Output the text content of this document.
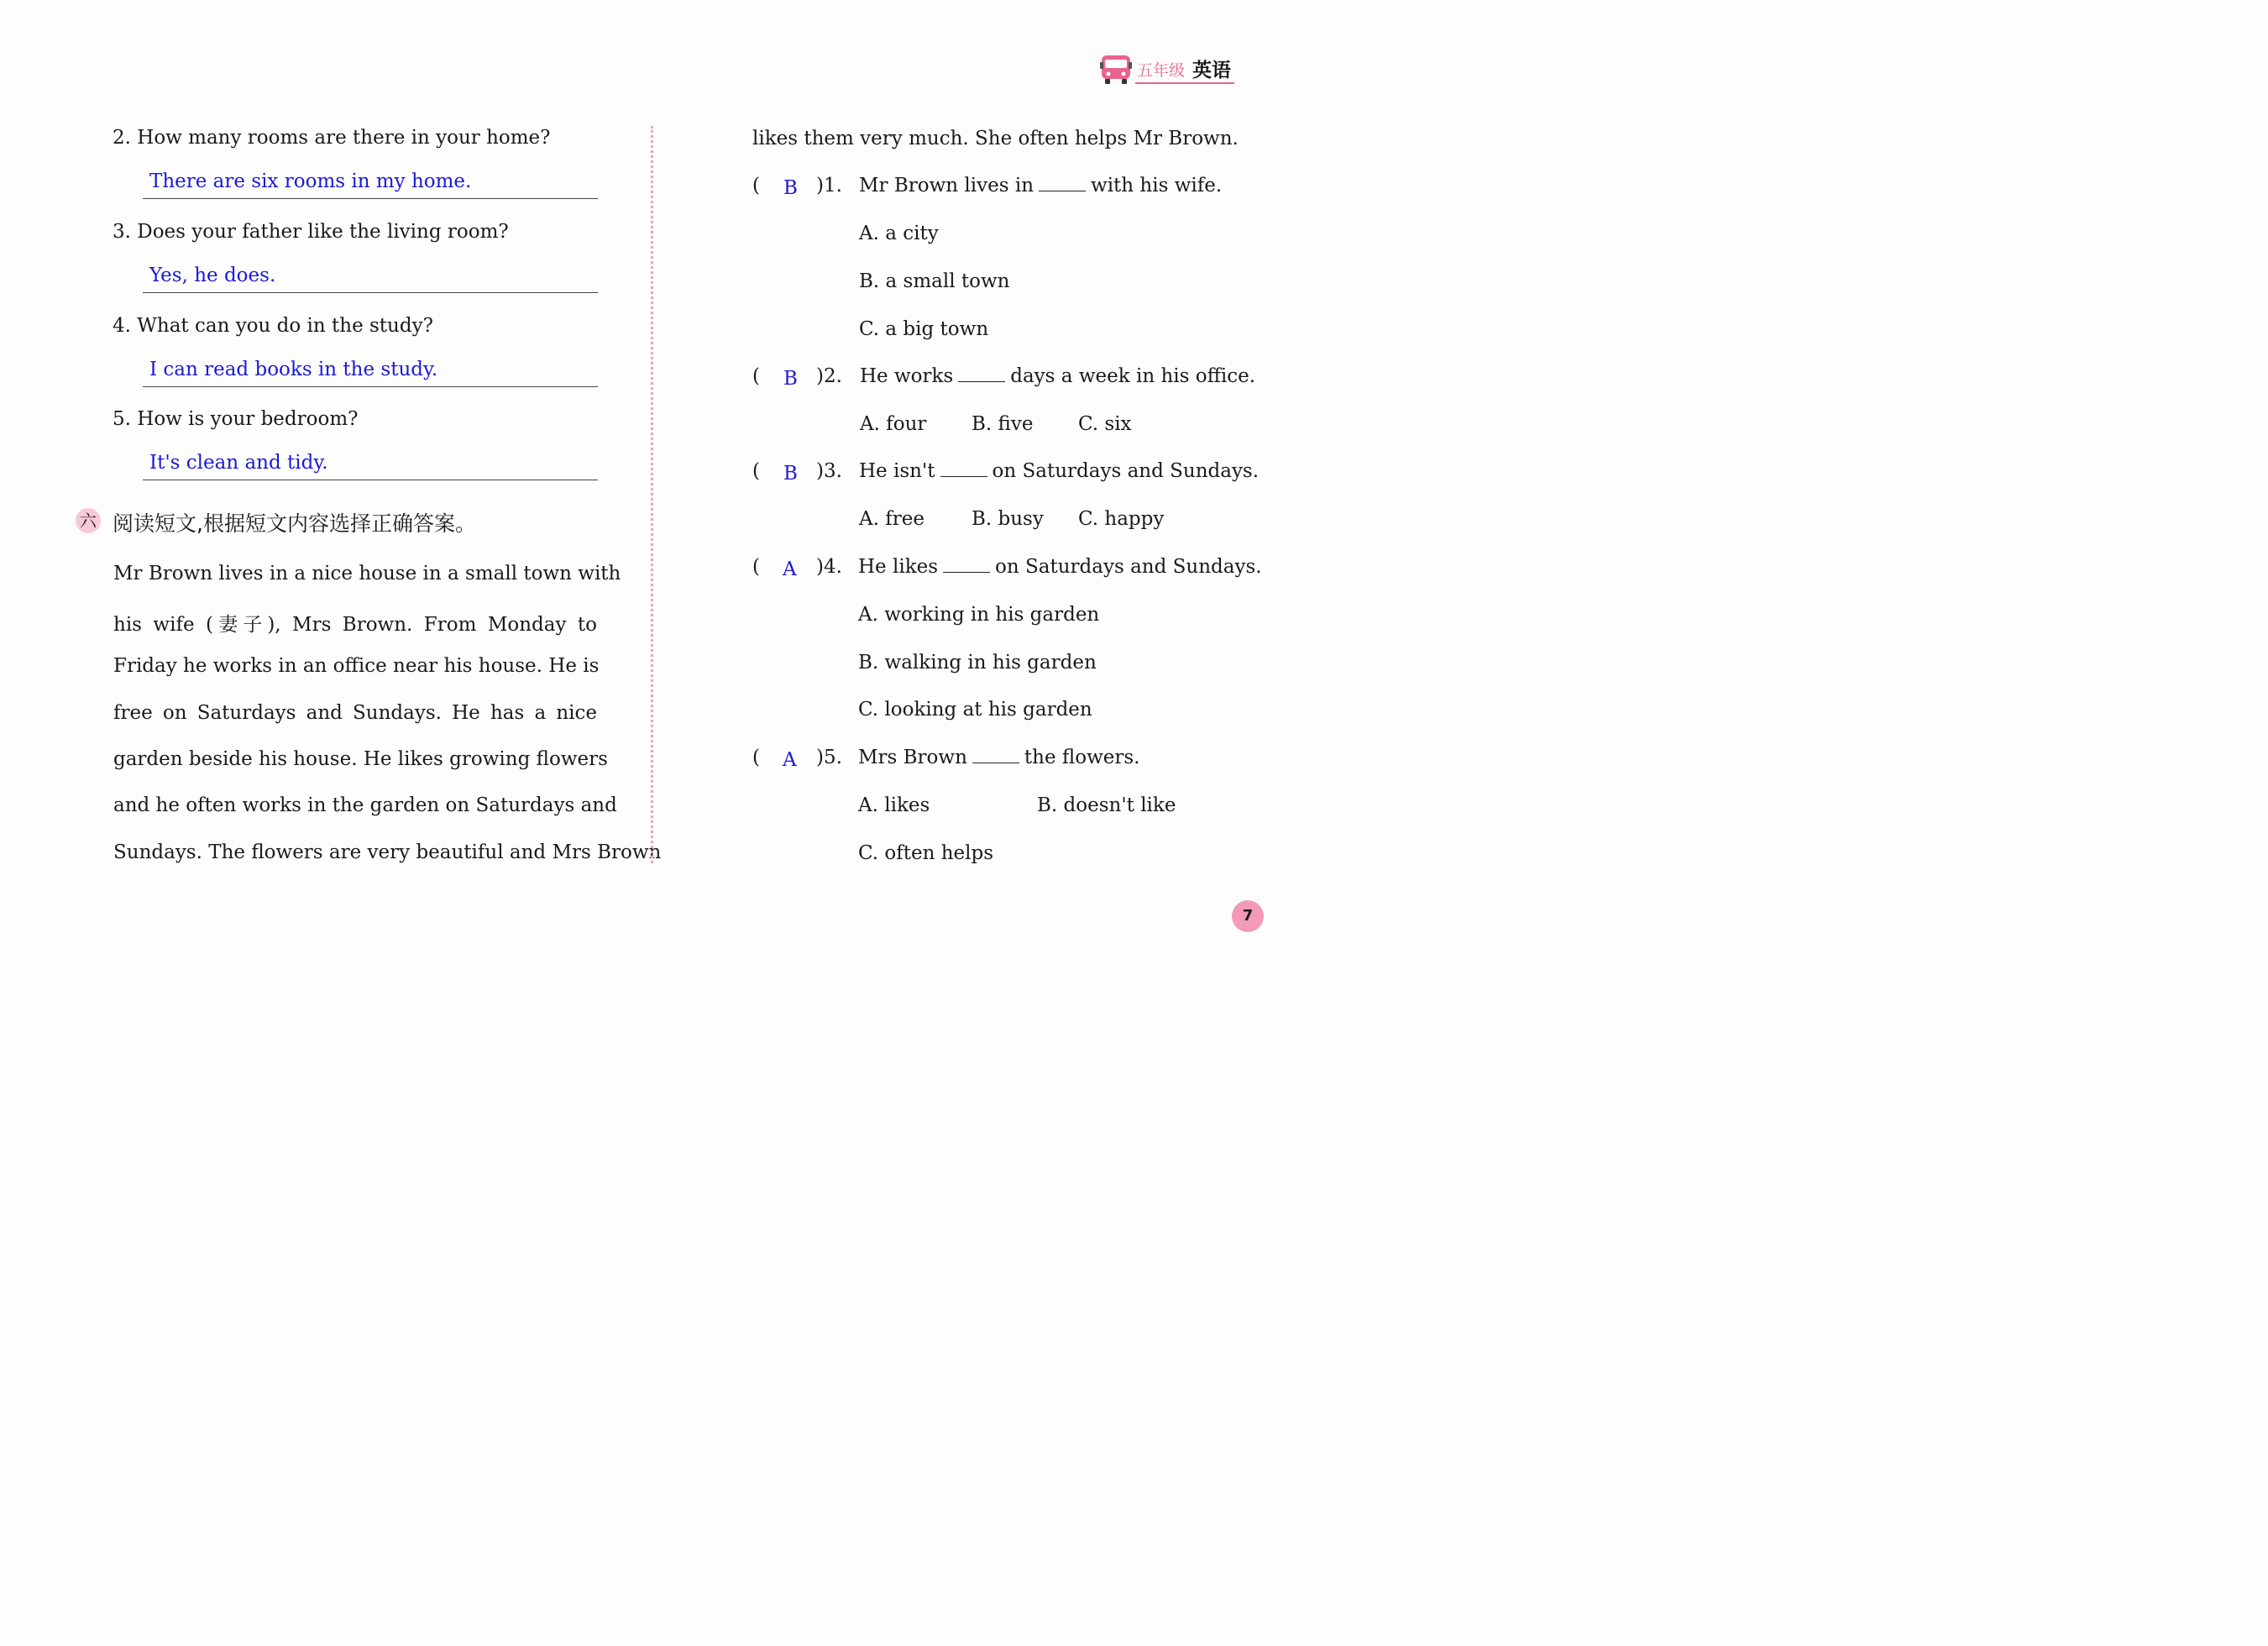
五年级 英语
2. How many rooms are there in your home?
There are six rooms in my home.
3. Does your father like the living room?
Yes, he does.
4. What can you do in the study?
I can read books in the study.
5. How is your bedroom?
It's clean and tidy.
六 阅读短文,根据短文内容选择正确答案。
Mr Brown lives in a nice house in a small town with
his wife (妻子), Mrs Brown. From Monday to
Friday he works in an office near his house. He is
free on Saturdays and Sundays. He has a nice
garden beside his house. He likes growing flowers
and he often works in the garden on Saturdays and
Sundays. The flowers are very beautiful and Mrs Brown
likes them very much. She often helps Mr Brown.
( B )1. Mr Brown lives in	with his wife.
A. a city
B. a small town
C. a big town
( B )2. He works	days a week in his office.
A. four B. five C. six
( B )3. He isn't	on Saturdays and Sundays.
A. free B. busy C. happy
( A )4. He likes	on Saturdays and Sundays.
A. working in his garden
B. walking in his garden
C. looking at his garden
( A )5. Mrs Brown	the flowers.
A. likes	B. doesn't like
C. often helps
7
